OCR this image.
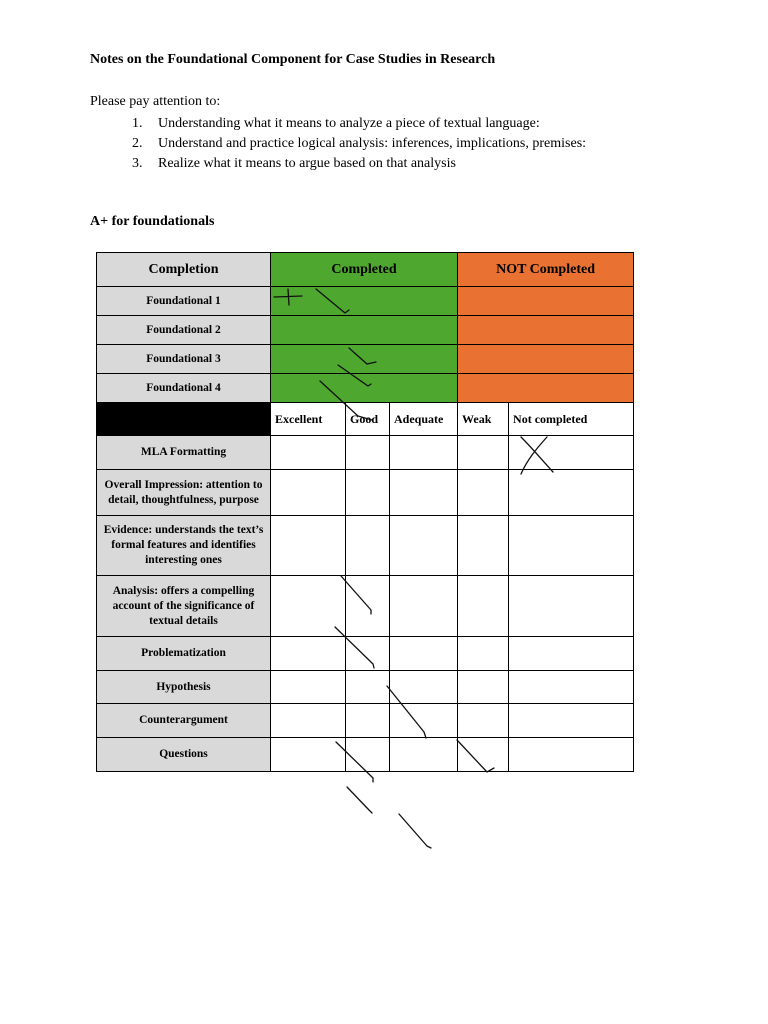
Notes on the Foundational Component for Case Studies in Research

Please pay attention to:

1. Understanding what it means to analyze a piece of textual language:
2. Understand and practice logical analysis: inferences, implications, premises:
3. Realize what it means to argue based on that analysis

A+ for foundationals

Completion	Completed			NOT Completed	
Foundational 1					
Foundational 2					
Foundational 3					
Foundational 4					
	Excellent	Good	Adequate	Weak	Not completed
MLA Formatting					
Overall Impression: attention to detail, thoughtfulness, purpose					
Evidence: understands the text’s formal features and identifies interesting ones					
Analysis: offers a compelling account of the significance of textual details					
Problematization					
Hypothesis					
Counterargument					
Questions					
